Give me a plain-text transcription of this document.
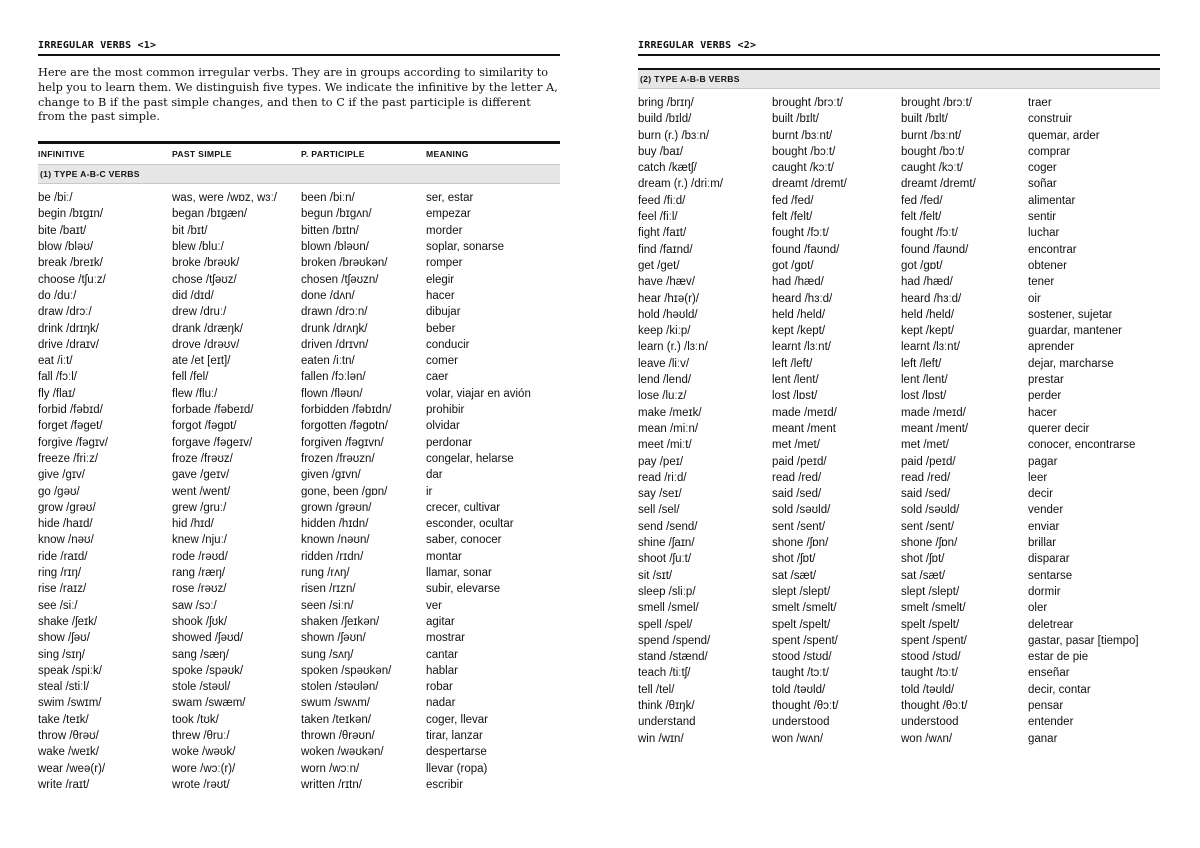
IRREGULAR VERBS <1>
Here are the most common irregular verbs. They are in groups according to similarity to help you to learn them. We distinguish five types. We indicate the infinitive by the letter A, change to B if the past simple changes, and then to C if the past participle is different from the past simple.
INFINITIVE	PAST SIMPLE	P. PARTICIPLE	MEANING
(1) TYPE A-B-C VERBS
be /biː/	was, were /wɒz, wɜː/	been /biːn/	ser, estar
begin /bɪɡɪn/	began /bɪɡæn/	begun /bɪɡʌn/	empezar
bite /baɪt/	bit /bɪt/	bitten /bɪtn/	morder
blow /bləʊ/	blew /bluː/	blown /bləʊn/	soplar, sonarse
break /breɪk/	broke /brəʊk/	broken /brəʊkən/	romper
choose /tʃuːz/	chose /tʃəʊz/	chosen /tʃəʊzn/	elegir
do /duː/	did /dɪd/	done /dʌn/	hacer
draw /drɔː/	drew /druː/	drawn /drɔːn/	dibujar
drink /drɪŋk/	drank /dræŋk/	drunk /drʌŋk/	beber
drive /draɪv/	drove /drəʊv/	driven /drɪvn/	conducir
eat /iːt/	ate /et [eɪt]/	eaten /iːtn/	comer
fall /fɔːl/	fell /fel/	fallen /fɔːlən/	caer
fly /flaɪ/	flew /fluː/	flown /fləʊn/	volar, viajar en avión
forbid /fəbɪd/	forbade /fəbeɪd/	forbidden /fəbɪdn/	prohibir
forget /fəɡet/	forgot /fəɡɒt/	forgotten /fəɡɒtn/	olvidar
forgive /fəɡɪv/	forgave /fəɡeɪv/	forgiven /fəɡɪvn/	perdonar
freeze /friːz/	froze /frəʊz/	frozen /frəʊzn/	congelar, helarse
give /ɡɪv/	gave /ɡeɪv/	given /ɡɪvn/	dar
go /ɡəʊ/	went /went/	gone, been /ɡɒn/	ir
grow /ɡrəʊ/	grew /ɡruː/	grown /ɡrəʊn/	crecer, cultivar
hide /haɪd/	hid /hɪd/	hidden /hɪdn/	esconder, ocultar
know /nəʊ/	knew /njuː/	known /nəʊn/	saber, conocer
ride /raɪd/	rode /rəʊd/	ridden /rɪdn/	montar
ring /rɪŋ/	rang /ræŋ/	rung /rʌŋ/	llamar, sonar
rise /raɪz/	rose /rəʊz/	risen /rɪzn/	subir, elevarse
see /siː/	saw /sɔː/	seen /siːn/	ver
shake /ʃeɪk/	shook /ʃʊk/	shaken /ʃeɪkən/	agitar
show /ʃəʊ/	showed /ʃəʊd/	shown /ʃəʊn/	mostrar
sing /sɪŋ/	sang /sæŋ/	sung /sʌŋ/	cantar
speak /spiːk/	spoke /spəʊk/	spoken /spəʊkən/	hablar
steal /stiːl/	stole /stəʊl/	stolen /stəʊlən/	robar
swim /swɪm/	swam /swæm/	swum /swʌm/	nadar
take /teɪk/	took /tʊk/	taken /teɪkən/	coger, llevar
throw /θrəʊ/	threw /θruː/	thrown /θrəʊn/	tirar, lanzar
wake /weɪk/	woke /wəʊk/	woken /wəʊkən/	despertarse
wear /weə(r)/	wore /wɔː(r)/	worn /wɔːn/	llevar (ropa)
write /raɪt/	wrote /rəʊt/	written /rɪtn/	escribir
IRREGULAR VERBS <2>
(2) TYPE A-B-B VERBS
bring /brɪŋ/	brought /brɔːt/	brought /brɔːt/	traer
build /bɪld/	built /bɪlt/	built /bɪlt/	construir
burn (r.) /bɜːn/	burnt /bɜːnt/	burnt /bɜːnt/	quemar, arder
buy /baɪ/	bought /bɔːt/	bought /bɔːt/	comprar
catch /kætʃ/	caught /kɔːt/	caught /kɔːt/	coger
dream (r.) /driːm/	dreamt /dremt/	dreamt /dremt/	soñar
feed /fiːd/	fed /fed/	fed /fed/	alimentar
feel /fiːl/	felt /felt/	felt /felt/	sentir
fight /faɪt/	fought /fɔːt/	fought /fɔːt/	luchar
find /faɪnd/	found /faʊnd/	found /faʊnd/	encontrar
get /ɡet/	got /ɡɒt/	got /ɡɒt/	obtener
have /hæv/	had /hæd/	had /hæd/	tener
hear /hɪə(r)/	heard /hɜːd/	heard /hɜːd/	oir
hold /həʊld/	held /held/	held /held/	sostener, sujetar
keep /kiːp/	kept /kept/	kept /kept/	guardar, mantener
learn (r.) /lɜːn/	learnt /lɜːnt/	learnt /lɜːnt/	aprender
leave /liːv/	left /left/	left /left/	dejar, marcharse
lend /lend/	lent /lent/	lent /lent/	prestar
lose /luːz/	lost /lɒst/	lost /lɒst/	perder
make /meɪk/	made /meɪd/	made /meɪd/	hacer
mean /miːn/	meant /ment	meant /ment/	querer decir
meet /miːt/	met /met/	met /met/	conocer, encontrarse
pay /peɪ/	paid /peɪd/	paid /peɪd/	pagar
read /riːd/	read /red/	read /red/	leer
say /seɪ/	said /sed/	said /sed/	decir
sell /sel/	sold /səʊld/	sold /səʊld/	vender
send /send/	sent /sent/	sent /sent/	enviar
shine /ʃaɪn/	shone /ʃɒn/	shone /ʃɒn/	brillar
shoot /ʃuːt/	shot /ʃɒt/	shot /ʃɒt/	disparar
sit /sɪt/	sat /sæt/	sat /sæt/	sentarse
sleep /sliːp/	slept /slept/	slept /slept/	dormir
smell /smel/	smelt /smelt/	smelt /smelt/	oler
spell /spel/	spelt /spelt/	spelt /spelt/	deletrear
spend /spend/	spent /spent/	spent /spent/	gastar, pasar [tiempo]
stand /stænd/	stood /stʊd/	stood /stʊd/	estar de pie
teach /tiːtʃ/	taught /tɔːt/	taught /tɔːt/	enseñar
tell /tel/	told /təʊld/	told /təʊld/	decir, contar
think /θɪŋk/	thought /θɔːt/	thought /θɔːt/	pensar
understand	understood	understood	entender
win /wɪn/	won /wʌn/	won /wʌn/	ganar
